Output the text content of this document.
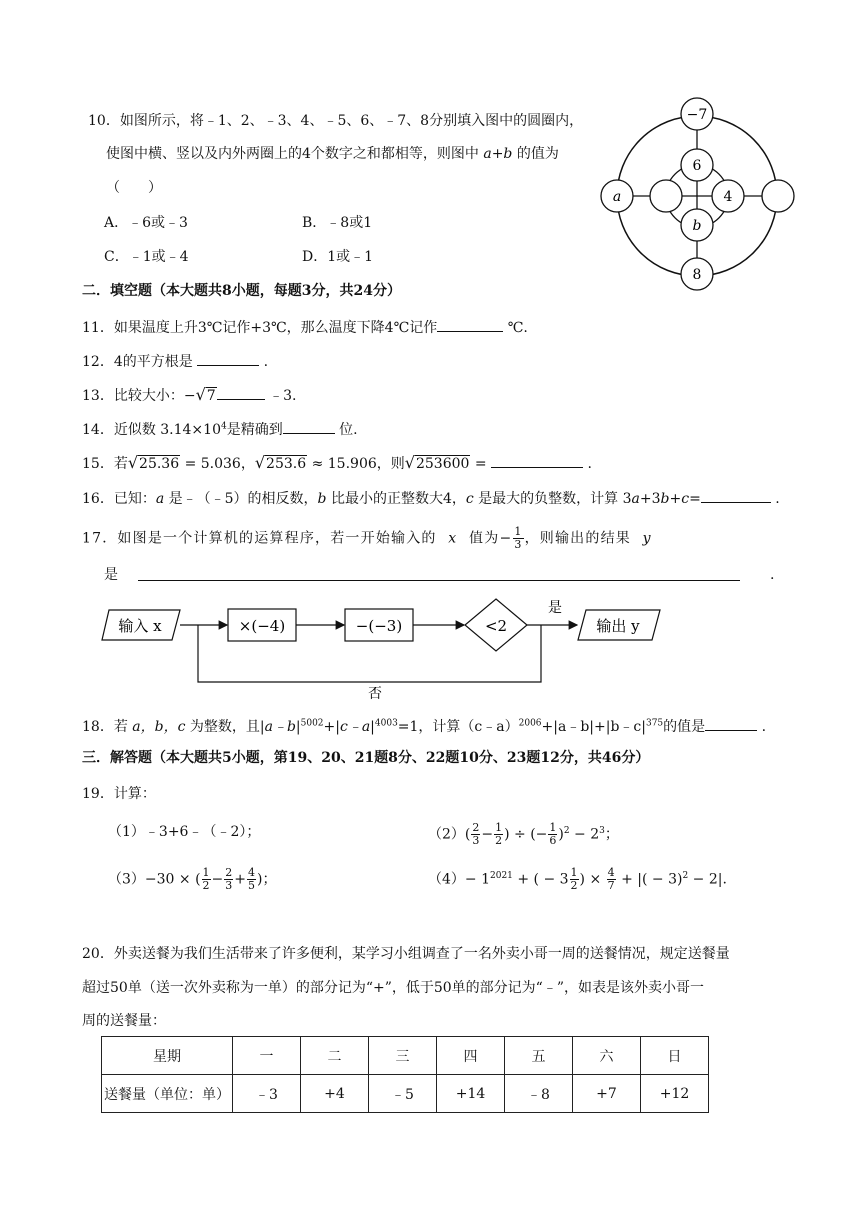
10．如图所示，将﹣1、2、﹣3、4、﹣5、6、﹣7、8分别填入图中的圆圈内，
使图中横、竖以及内外两圈上的4个数字之和都相等，则图中 a+b 的值为
（　　）
A．﹣6或﹣3	B．﹣8或1
C．﹣1或﹣4	D．1或﹣1
−7
6
4
b
8
a
二．填空题（本大题共8小题，每题3分，共24分）
11．如果温度上升3℃记作+3℃，那么温度下降4℃记作	℃.
12．4的平方根是	.
13．比较大小：−√7	﹣3.
14．近似数 $3.14\times 10^4$是精确到	位.
15．若√25.36 = 5.036，√253.6 ≈ 15.906，则√253600 =	.
16．已知：a 是﹣（﹣5）的相反数，b 比最小的正整数大4，c 是最大的负整数，计算 3a+3b+c=	.
17．如图是一个计算机的运算程序，若一开始输入的 x 值为− $\frac{1}{3}$ ，则输出的结果 y
是	.
输入 x	×(−4)	−(−3)	<2
是
输出 y
否
18．若 a，b，c 为整数，且$|a﹣b|^{5002}+|c﹣a|^{4003}=1$，计算$(c﹣a)^{2006}+|a﹣b|+|b﹣c|^{375}$的值是	.
三．解答题（本大题共5小题，第19、20、21题8分、22题10分、23题12分，共46分）
19．计算：
（1）﹣3+6﹣（﹣2）；	$(2)( \frac{2}{3} - \frac{1}{2}$ ) ÷ (− $\frac{1}{6} )^2 - 2^3$；
（3）−30 × ( $\frac{1}{2} - \frac{2}{3} + \frac{4}{5}$ )；	$(4)- 1^{2021}$ + ( − $3 \frac{1}{2}$ ) × $\frac{4}{7}$ + |( − 3)$^2$ − 2|.
20．外卖送餐为我们生活带来了许多便利，某学习小组调查了一名外卖小哥一周的送餐情况，规定送餐量
超过50单（送一次外卖称为一单）的部分记为“+”，低于50单的部分记为“﹣”，如表是该外卖小哥一
周的送餐量：
星期	一	二	三	四	五	六	日
送餐量（单位：单）	﹣3	+4	﹣5	+14	﹣8	+7	+12
